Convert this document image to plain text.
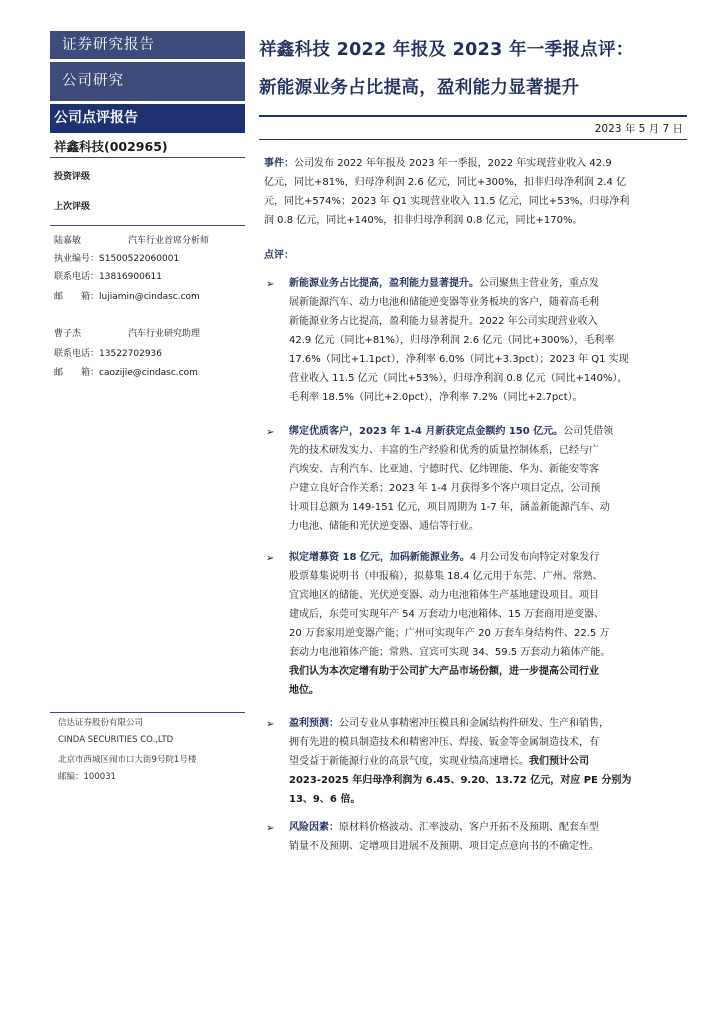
证券研究报告
公司研究
公司点评报告
祥鑫科技(002965)
投资评级
上次评级
陆嘉敏	汽车行业首席分析师
执业编号：S1500522060001
联系电话：13816900611
邮　　箱：lujiamin@cindasc.com
曹子杰	汽车行业研究助理
联系电话：13522702936
邮　　箱：caozijie@cindasc.com
信达证券股份有限公司
CINDA SECURITIES CO.,LTD
北京市西城区闹市口大街9号院1号楼
邮编：100031
祥鑫科技 2022 年报及 2023 年一季报点评：
新能源业务占比提高，盈利能力显著提升
2023 年 5 月 7 日
事件：公司发布 2022 年年报及 2023 年一季报，2022 年实现营业收入 42.9
亿元，同比+81%，归母净利润 2.6 亿元，同比+300%，扣非归母净利润 2.4 亿
元，同比+574%；2023 年 Q1 实现营业收入 11.5 亿元，同比+53%，归母净利
润 0.8 亿元，同比+140%，扣非归母净利润 0.8 亿元，同比+170%。
点评：
➢ 新能源业务占比提高，盈利能力显著提升。公司聚焦主营业务，重点发
展新能源汽车、动力电池和储能逆变器等业务板块的客户，随着高毛利
新能源业务占比提高，盈利能力显著提升。2022 年公司实现营业收入
42.9 亿元（同比+81%），归母净利润 2.6 亿元（同比+300%），毛利率
17.6%（同比+1.1pct），净利率 6.0%（同比+3.3pct）；2023 年 Q1 实现
营业收入 11.5 亿元（同比+53%），归母净利润 0.8 亿元（同比+140%），
毛利率 18.5%（同比+2.0pct），净利率 7.2%（同比+2.7pct）。
➢ 绑定优质客户，2023 年 1-4 月新获定点金额约 150 亿元。公司凭借领
先的技术研发实力、丰富的生产经验和优秀的质量控制体系，已经与广
汽埃安、吉利汽车、比亚迪、宁德时代、亿纬锂能、华为、新能安等客
户建立良好合作关系；2023 年 1-4 月获得多个客户项目定点，公司预
计项目总额为 149-151 亿元，项目周期为 1-7 年，涵盖新能源汽车、动
力电池、储能和光伏逆变器、通信等行业。
➢ 拟定增募资 18 亿元，加码新能源业务。4 月公司发布向特定对象发行
股票募集说明书（申报稿），拟募集 18.4 亿元用于东莞、广州、常熟、
宜宾地区的储能、光伏逆变器、动力电池箱体生产基地建设项目。项目
建成后，东莞可实现年产 54 万套动力电池箱体、15 万套商用逆变器、
20 万套家用逆变器产能；广州可实现年产 20 万套车身结构件、22.5 万
套动力电池箱体产能；常熟、宜宾可实现 34、59.5 万套动力箱体产能。
我们认为本次定增有助于公司扩大产品市场份额，进一步提高公司行业
地位。
➢ 盈利预测：公司专业从事精密冲压模具和金属结构件研发、生产和销售，
拥有先进的模具制造技术和精密冲压、焊接、钣金等金属制造技术，有
望受益于新能源行业的高景气度，实现业绩高速增长。我们预计公司
2023-2025 年归母净利润为 6.45、9.20、13.72 亿元，对应 PE 分别为
13、9、6 倍。
➢ 风险因素：原材料价格波动、汇率波动、客户开拓不及预期、配套车型
销量不及预期、定增项目进展不及预期、项目定点意向书的不确定性。
